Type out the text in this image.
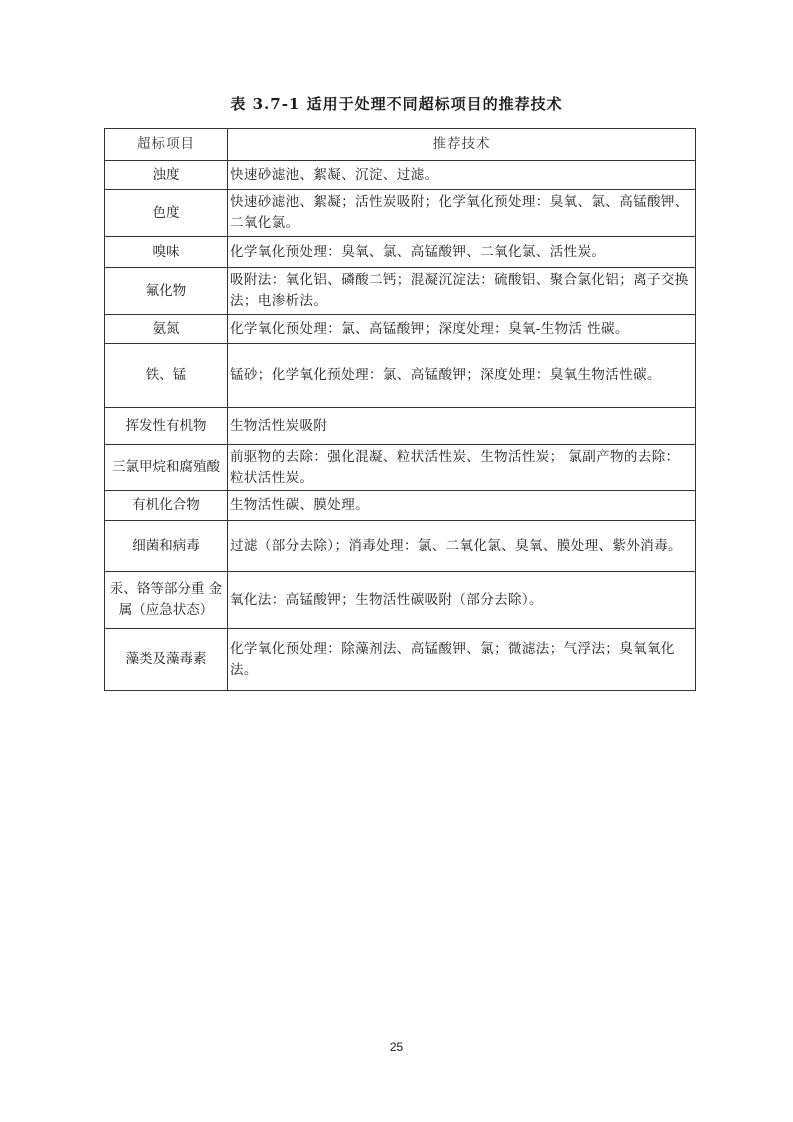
表 3.7-1 适用于处理不同超标项目的推荐技术
超标项目	推荐技术
浊度	快速砂滤池、絮凝、沉淀、过滤。
色度	快速砂滤池、絮凝；活性炭吸附；化学氧化预处理：臭氧、氯、高锰酸钾、二氧化氯。
嗅味	化学氧化预处理：臭氧、氯、高锰酸钾、二氧化氯、活性炭。
氟化物	吸附法：氧化铝、磷酸二钙；混凝沉淀法：硫酸铝、聚合氯化铝；离子交换法；电渗析法。
氨氮	化学氧化预处理：氯、高锰酸钾；深度处理：臭氧-生物活 性碳。
铁、锰	锰砂；化学氧化预处理：氯、高锰酸钾；深度处理：臭氧生物活性碳。
挥发性有机物	生物活性炭吸附
三氯甲烷和腐殖酸	前驱物的去除：强化混凝、粒状活性炭、生物活性炭； 氯副产物的去除：粒状活性炭。
有机化合物	生物活性碳、膜处理。
细菌和病毒	过滤（部分去除）；消毒处理：氯、二氧化氯、臭氧、膜处理、紫外消毒。
汞、铬等部分重 金属（应急状态）	氧化法：高锰酸钾；生物活性碳吸附（部分去除）。
藻类及藻毒素	化学氧化预处理：除藻剂法、高锰酸钾、氯；微滤法；气浮法；臭氧氧化法。
25
